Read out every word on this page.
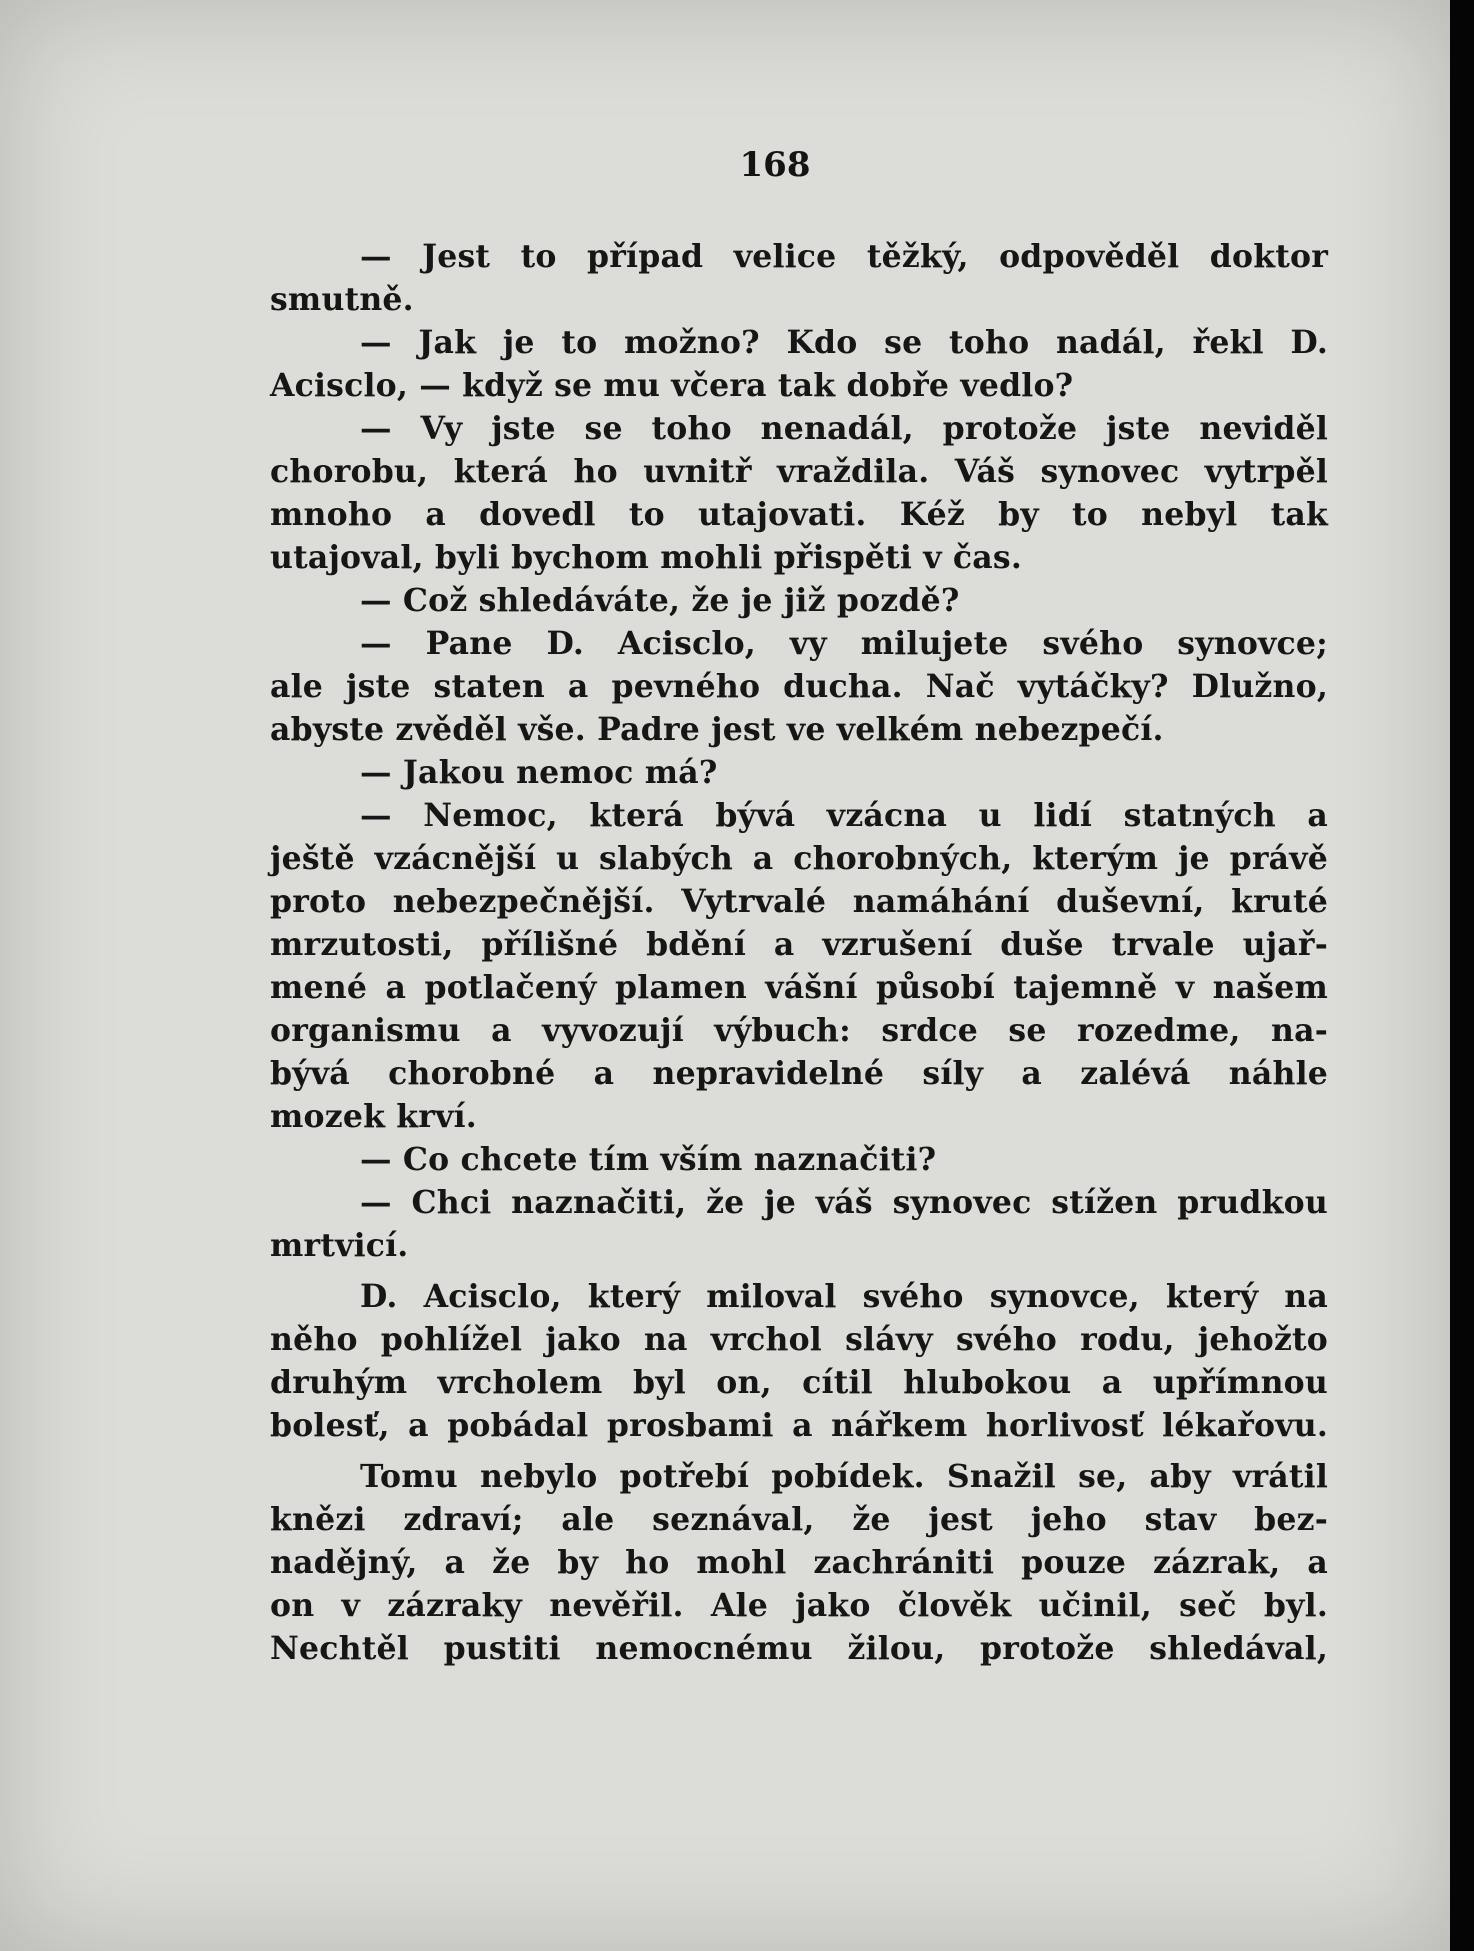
168
— Jest to případ velice těžký, odpověděl doktor
smutně.
— Jak je to možno? Kdo se toho nadál, řekl D.
Acisclo, — když se mu včera tak dobře vedlo?
— Vy jste se toho nenadál, protože jste neviděl
chorobu, která ho uvnitř vraždila. Váš synovec vytrpěl
mnoho a dovedl to utajovati. Kéž by to nebyl tak
utajoval, byli bychom mohli přispěti v čas.
— Což shledáváte, že je již pozdě?
— Pane D. Acisclo, vy milujete svého synovce;
ale jste staten a pevného ducha. Nač vytáčky? Dlužno,
abyste zvěděl vše. Padre jest ve velkém nebezpečí.
— Jakou nemoc má?
— Nemoc, která bývá vzácna u lidí statných a
ještě vzácnější u slabých a chorobných, kterým je právě
proto nebezpečnější. Vytrvalé namáhání duševní, kruté
mrzutosti, přílišné bdění a vzrušení duše trvale ujař-
mené a potlačený plamen vášní působí tajemně v našem
organismu a vyvozují výbuch: srdce se rozedme, na-
bývá chorobné a nepravidelné síly a zalévá náhle
mozek krví.
— Co chcete tím vším naznačiti?
— Chci naznačiti, že je váš synovec stížen prudkou
mrtvicí.
D. Acisclo, který miloval svého synovce, který na
něho pohlížel jako na vrchol slávy svého rodu, jehožto
druhým vrcholem byl on, cítil hlubokou a upřímnou
bolesť, a pobádal prosbami a nářkem horlivosť lékařovu.
Tomu nebylo potřebí pobídek. Snažil se, aby vrátil
knězi zdraví; ale seznával, že jest jeho stav bez-
nadějný, a že by ho mohl zachrániti pouze zázrak, a
on v zázraky nevěřil. Ale jako člověk učinil, seč byl.
Nechtěl pustiti nemocnému žilou, protože shledával,
